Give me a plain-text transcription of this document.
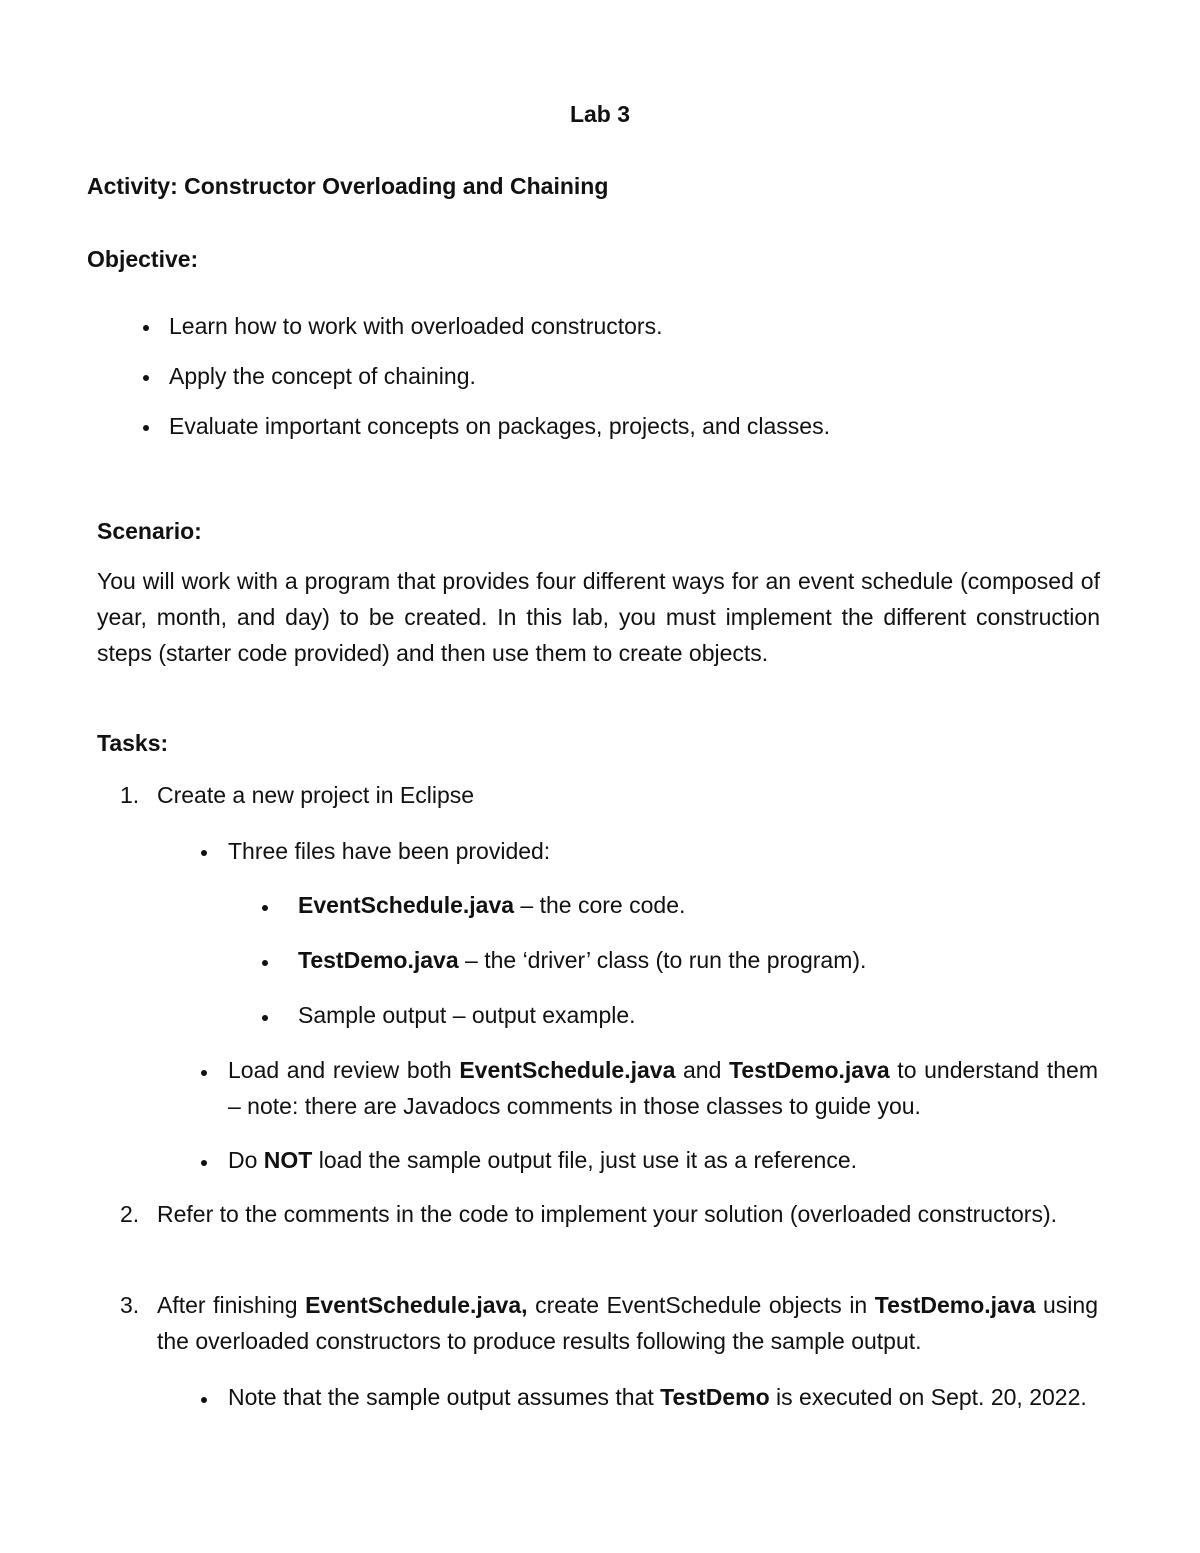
Lab 3
Activity: Constructor Overloading and Chaining
Objective:
Learn how to work with overloaded constructors.
Apply the concept of chaining.
Evaluate important concepts on packages, projects, and classes.
Scenario:
You will work with a program that provides four different ways for an event schedule (composed of year, month, and day) to be created. In this lab, you must implement the different construction steps (starter code provided) and then use them to create objects.
Tasks:
1. Create a new project in Eclipse
Three files have been provided:
EventSchedule.java – the core code.
TestDemo.java – the ‘driver’ class (to run the program).
Sample output – output example.
Load and review both EventSchedule.java and TestDemo.java to understand them – note: there are Javadocs comments in those classes to guide you.
Do NOT load the sample output file, just use it as a reference.
2. Refer to the comments in the code to implement your solution (overloaded constructors).
3. After finishing EventSchedule.java, create EventSchedule objects in TestDemo.java using the overloaded constructors to produce results following the sample output.
Note that the sample output assumes that TestDemo is executed on Sept. 20, 2022.
